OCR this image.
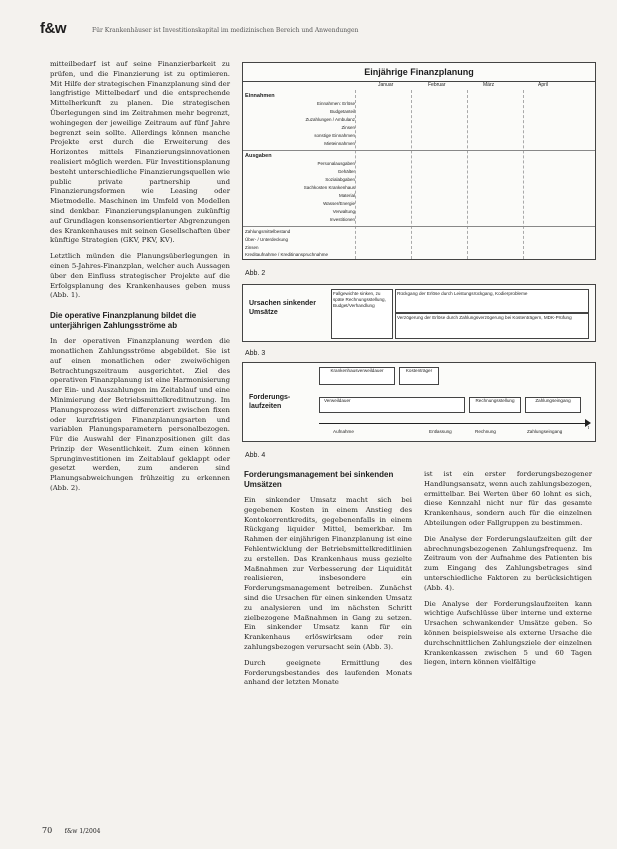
f&w	Für Krankenhäuser ist Investitionskapital im medizinischen Bereich und Anwendungen

mitteilbedarf ist auf seine Finanzierbarkeit zu prüfen, und die Finanzierung ist zu optimieren. Mit Hilfe der strategischen Finanzplanung sind der langfristige Mittelbedarf und die entsprechende Mittelherkunft zu planen. Die strategischen Überlegungen sind im Zeitrahmen mehr begrenzt, wohingegen der jeweilige Zeitraum auf fünf Jahre begrenzt sein sollte. Allerdings können manche Projekte erst durch die Erweiterung des Horizontes mittels Finanzierungsinnovationen realisiert möglich werden. Für Investitionsplanung besteht unterschiedliche Finanzierungsquellen wie public private partnership und Finanzierungsformen wie Leasing oder Mietmodelle. Maschinen im Umfeld von Modellen sind denkbar. Finanzierungsplanungen zukünftig auf Grundlagen konsensorientierter Abgrenzungen des Krankenhauses mit seinen Gesellschaften über künftige Strategien (GKV, PKV, KV).

Letztlich münden die Planungsüberlegungen in einen 5-Jahres-Finanzplan, welcher auch Aussagen über den Einfluss strategischer Projekte auf die Erfolgsplanung des Krankenhauses geben muss (Abb. 1).

Die operative Finanzplanung bildet die unterjährigen Zahlungsströme ab

In der operativen Finanzplanung werden die monatlichen Zahlungsströme abgebildet. Sie ist auf einen monatlichen oder zweiwöchigen Betrachtungszeitraum ausgerichtet. Ziel des operativen Finanzplanung ist eine Harmonisierung der Ein- und Auszahlungen im Zeitablauf und eine Minimierung der Betriebsmittelkreditnutzung. Im Planungsprozess wird differenziert zwischen fixen oder kurzfristigen Finanzplanungsarten und variablen Planungsparametern personalbezogen. Für die Auswahl der Finanzpositionen gilt das Prinzip der Wesentlichkeit. Zum einen können Sprunginvestitionen im Zeitablauf geklappt oder gesetzt werden, zum anderen sind Planungsabweichungen frühzeitig zu erkennen (Abb. 2).

Einjährige Finanzplanung
Januar	Februar	März	April
Einnahmen
Einnahmen: Erlöse
Budgetanteil
Zuzahlungen / Ambulanz
Zinsen
sonstige Einnahmen
Mieteinnahmen
Ausgaben
Personalausgaben
Gehälter
Sozialabgaben
Sachkosten Krankenhaus
Material
Wasser/Energie
Verwaltung
Investitionen
Zahlungsmittelbestand
Über- / Unterdeckung
Zinsen
Kreditaufnahme / Kreditinanspruchnahme
Abb. 2
Ursachen sinkender Umsätze
Fallgewichte sinken, zu späte Rechnungsstellung, Budget/Verhandlung
Rückgang der Erlöse durch Leistungsrückgang, Kodierprobleme
Verzögerung der Erlöse durch Zahlungsverzögerung bei Kostenträgern, MDK-Prüfung
Abb. 3
Forderungs-laufzeiten
Krankenhausverweildauer	Kostenträger
Verweildauer	Rechnungsstellung	Zahlungseingang
t
Aufnahme	Entlassung	Rechnung	Zahlungseingang
Abb. 4
Forderungsmanagement bei sinkenden Umsätzen

Ein sinkender Umsatz macht sich bei gegebenen Kosten in einem Anstieg des Kontokorrentkredits, gegebenenfalls in einem Rückgang liquider Mittel, bemerkbar. Im Rahmen der einjährigen Finanzplanung ist eine Fehlentwicklung der Betriebsmittelkreditlinien zu erstellen. Das Krankenhaus muss gezielte Maßnahmen zur Verbesserung der Liquidität realisieren, insbesondere ein Forderungsmanagement betreiben. Zunächst sind die Ursachen für einen sinkenden Umsatz zu analysieren und im nächsten Schritt zielbezogene Maßnahmen in Gang zu setzen. Ein sinkender Umsatz kann für ein Krankenhaus erlöswirksam oder rein zahlungsbezogen verursacht sein (Abb. 3).

Durch geeignete Ermittlung des Forderungsbestandes des laufenden Monats anhand der letzten Monate

ist ist ein erster forderungsbezogener Handlungsansatz, wenn auch zahlungsbezogen, ermittelbar. Bei Werten über 60 lohnt es sich, diese Kennzahl nicht nur für das gesamte Krankenhaus, sondern auch für die einzelnen Abteilungen oder Fallgruppen zu bestimmen.

Die Analyse der Forderungslaufzeiten gilt der abrechnungsbezogenen Zahlungsfrequenz. Im Zeitraum von der Aufnahme des Patienten bis zum Eingang des Zahlungsbetrages sind unterschiedliche Faktoren zu berücksichtigen (Abb. 4).

Die Analyse der Forderungslaufzeiten kann wichtige Aufschlüsse über interne und externe Ursachen schwankender Umsätze geben. So können beispielsweise als externe Ursache die durchschnittlichen Zahlungsziele der einzelnen Krankenkassen zwischen 5 und 60 Tagen liegen, intern können vielfältige

70 f&w 1/2004
